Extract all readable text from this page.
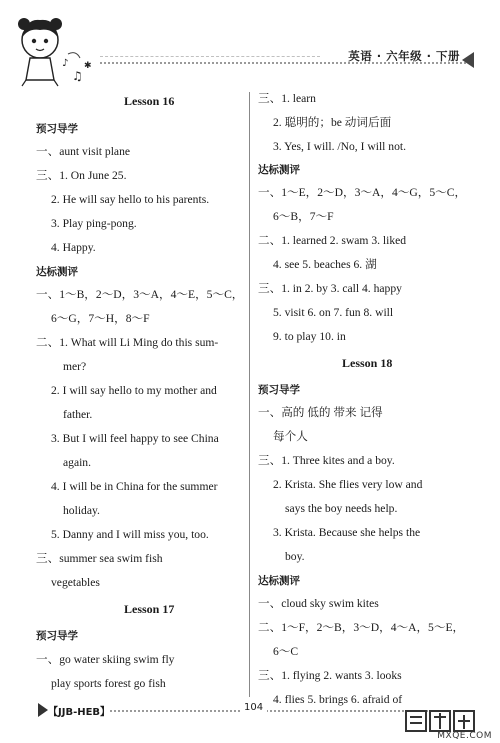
♪
♫
✱
英语 · 六年级 · 下册
Lesson 16
预习导学
一、aunt visit plane
三、1. On June 25.
2. He will say hello to his parents.
3. Play ping-pong.
4. Happy.
达标测评
一、1～B，2～D，3～A，4～E，5～C，
6～G，7～H，8～F
二、1. What will Li Ming do this sum-
mer?
2. I will say hello to my mother and
father.
3. But I will feel happy to see China
again.
4. I will be in China for the summer
holiday.
5. Danny and I will miss you, too.
三、summer sea swim fish
vegetables
Lesson 17
预习导学
一、go water skiing swim fly
play sports forest go fish
三、1. learn
2. 聪明的；be 动词后面
3. Yes, I will. /No, I will not.
达标测评
一、1～E，2～D，3～A，4～G，5～C，
6～B，7～F
二、1. learned 2. swam 3. liked
4. see 5. beaches 6. 湖
三、1. in 2. by 3. call 4. happy
5. visit 6. on 7. fun 8. will
9. to play 10. in
Lesson 18
预习导学
一、高的 低的 带来 记得
每个人
三、1. Three kites and a boy.
2. Krista. She flies very low and
says the boy needs help.
3. Krista. Because she helps the
boy.
达标测评
一、cloud sky swim kites
二、1～F，2～B，3～D，4～A，5～E，
6～C
三、1. flying 2. wants 3. looks
4. flies 5. brings 6. afraid of
【JJB-HEB】	104
MXQE.COM
